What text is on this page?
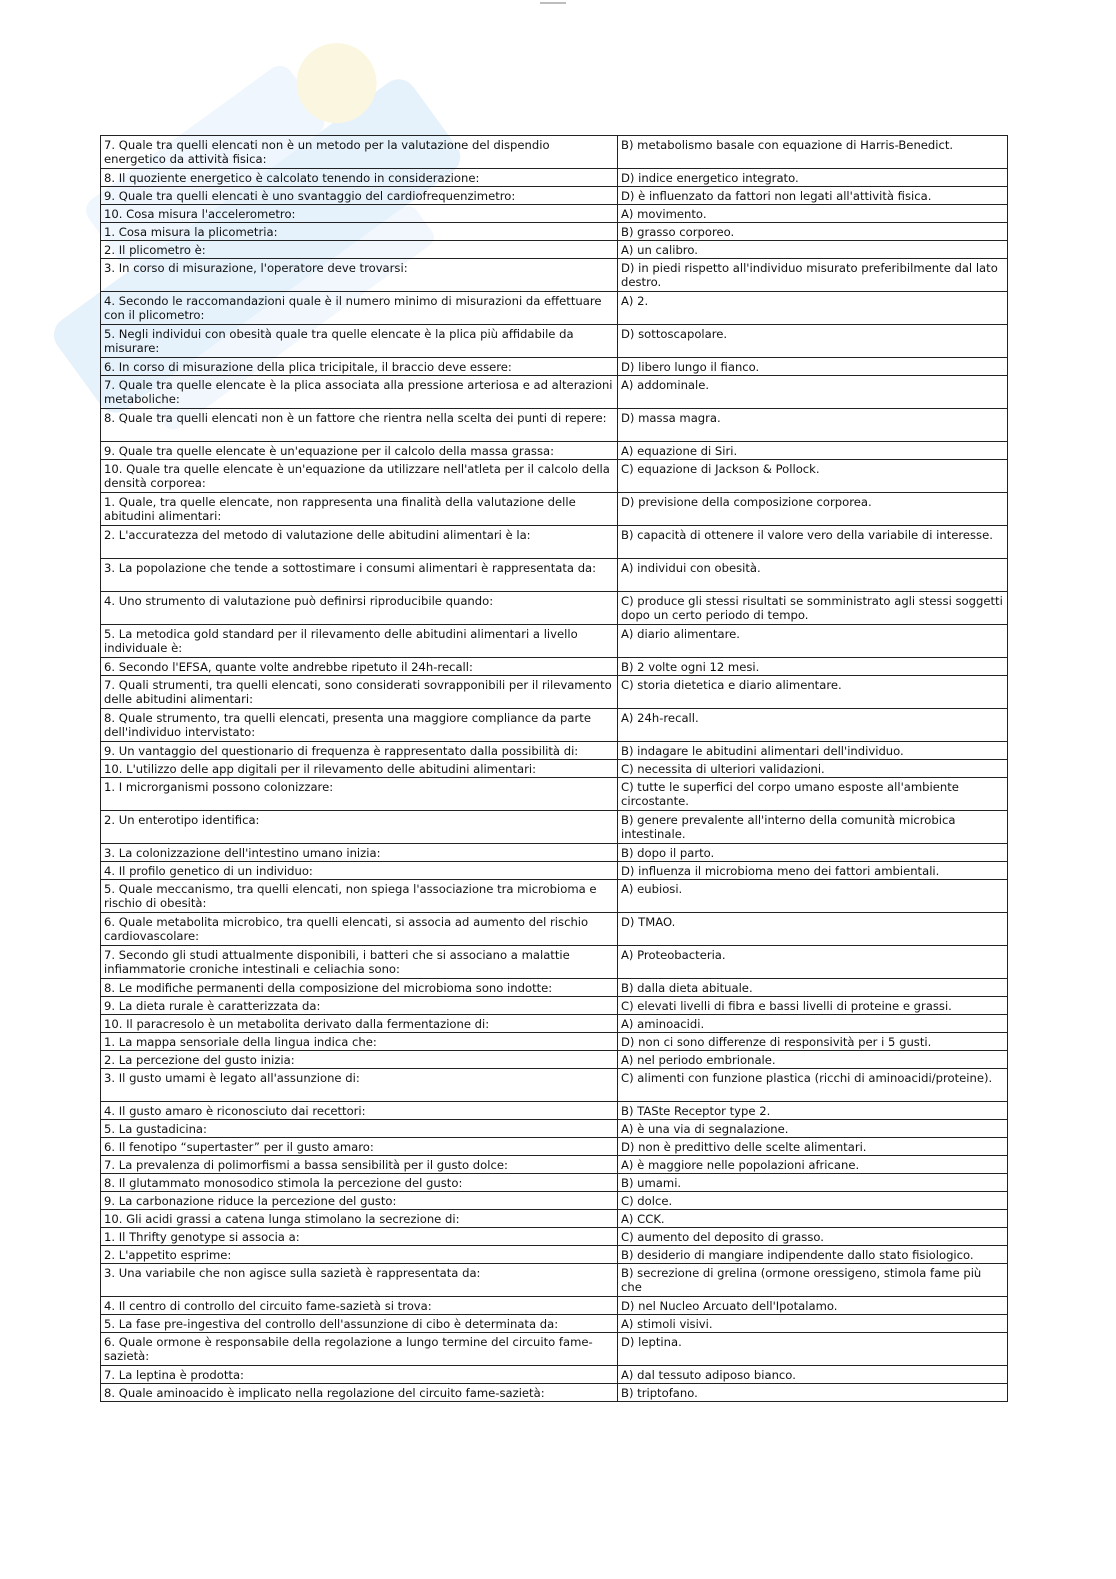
7. Quale tra quelli elencati non è un metodo per la valutazione del dispendio energetico da attività fisica:	B) metabolismo basale con equazione di Harris-Benedict.
8. Il quoziente energetico è calcolato tenendo in considerazione:	D) indice energetico integrato.
9. Quale tra quelli elencati è uno svantaggio del cardiofrequenzimetro:	D) è influenzato da fattori non legati all'attività fisica.
10. Cosa misura l'accelerometro:	A) movimento.
1. Cosa misura la plicometria:	B) grasso corporeo.
2. Il plicometro è:	A) un calibro.
3. In corso di misurazione, l'operatore deve trovarsi:	D) in piedi rispetto all'individuo misurato preferibilmente dal lato destro.
4. Secondo le raccomandazioni quale è il numero minimo di misurazioni da effettuare con il plicometro:	A) 2.
5. Negli individui con obesità quale tra quelle elencate è la plica più affidabile da misurare:	D) sottoscapolare.
6. In corso di misurazione della plica tricipitale, il braccio deve essere:	D) libero lungo il fianco.
7. Quale tra quelle elencate è la plica associata alla pressione arteriosa e ad alterazioni metaboliche:	A) addominale.
8. Quale tra quelli elencati non è un fattore che rientra nella scelta dei punti di repere:	D) massa magra.
9. Quale tra quelle elencate è un'equazione per il calcolo della massa grassa:	A) equazione di Siri.
10. Quale tra quelle elencate è un'equazione da utilizzare nell'atleta per il calcolo della densità corporea:	C) equazione di Jackson & Pollock.
1. Quale, tra quelle elencate, non rappresenta una finalità della valutazione delle abitudini alimentari:	D) previsione della composizione corporea.
2. L'accuratezza del metodo di valutazione delle abitudini alimentari è la:	B) capacità di ottenere il valore vero della variabile di interesse.
3. La popolazione che tende a sottostimare i consumi alimentari è rappresentata da:	A) individui con obesità.
4. Uno strumento di valutazione può definirsi riproducibile quando:	C) produce gli stessi risultati se somministrato agli stessi soggetti dopo un certo periodo di tempo.
5. La metodica gold standard per il rilevamento delle abitudini alimentari a livello individuale è:	A) diario alimentare.
6. Secondo l'EFSA, quante volte andrebbe ripetuto il 24h-recall:	B) 2 volte ogni 12 mesi.
7. Quali strumenti, tra quelli elencati, sono considerati sovrapponibili per il rilevamento delle abitudini alimentari:	C) storia dietetica e diario alimentare.
8. Quale strumento, tra quelli elencati, presenta una maggiore compliance da parte dell'individuo intervistato:	A) 24h-recall.
9. Un vantaggio del questionario di frequenza è rappresentato dalla possibilità di:	B) indagare le abitudini alimentari dell'individuo.
10. L'utilizzo delle app digitali per il rilevamento delle abitudini alimentari:	C) necessita di ulteriori validazioni.
1. I microrganismi possono colonizzare:	C) tutte le superfici del corpo umano esposte all'ambiente circostante.
2. Un enterotipo identifica:	B) genere prevalente all'interno della comunità microbica intestinale.
3. La colonizzazione dell'intestino umano inizia:	B) dopo il parto.
4. Il profilo genetico di un individuo:	D) influenza il microbioma meno dei fattori ambientali.
5. Quale meccanismo, tra quelli elencati, non spiega l'associazione tra microbioma e rischio di obesità:	A) eubiosi.
6. Quale metabolita microbico, tra quelli elencati, si associa ad aumento del rischio cardiovascolare:	D) TMAO.
7. Secondo gli studi attualmente disponibili, i batteri che si associano a malattie infiammatorie croniche intestinali e celiachia sono:	A) Proteobacteria.
8. Le modifiche permanenti della composizione del microbioma sono indotte:	B) dalla dieta abituale.
9. La dieta rurale è caratterizzata da:	C) elevati livelli di fibra e bassi livelli di proteine e grassi.
10. Il paracresolo è un metabolita derivato dalla fermentazione di:	A) aminoacidi.
1. La mappa sensoriale della lingua indica che:	D) non ci sono differenze di responsività per i 5 gusti.
2. La percezione del gusto inizia:	A) nel periodo embrionale.
3. Il gusto umami è legato all'assunzione di:	C) alimenti con funzione plastica (ricchi di aminoacidi/proteine).
4. Il gusto amaro è riconosciuto dai recettori:	B) TASte Receptor type 2.
5. La gustadicina:	A) è una via di segnalazione.
6. Il fenotipo “supertaster” per il gusto amaro:	D) non è predittivo delle scelte alimentari.
7. La prevalenza di polimorfismi a bassa sensibilità per il gusto dolce:	A) è maggiore nelle popolazioni africane.
8. Il glutammato monosodico stimola la percezione del gusto:	B) umami.
9. La carbonazione riduce la percezione del gusto:	C) dolce.
10. Gli acidi grassi a catena lunga stimolano la secrezione di:	A) CCK.
1. Il Thrifty genotype si associa a:	C) aumento del deposito di grasso.
2. L'appetito esprime:	B) desiderio di mangiare indipendente dallo stato fisiologico.
3. Una variabile che non agisce sulla sazietà è rappresentata da:	B) secrezione di grelina (ormone oressigeno, stimola fame più che
4. Il centro di controllo del circuito fame-sazietà si trova:	D) nel Nucleo Arcuato dell'Ipotalamo.
5. La fase pre-ingestiva del controllo dell'assunzione di cibo è determinata da:	A) stimoli visivi.
6. Quale ormone è responsabile della regolazione a lungo termine del circuito fame-sazietà:	D) leptina.
7. La leptina è prodotta:	A) dal tessuto adiposo bianco.
8. Quale aminoacido è implicato nella regolazione del circuito fame-sazietà:	B) triptofano.
